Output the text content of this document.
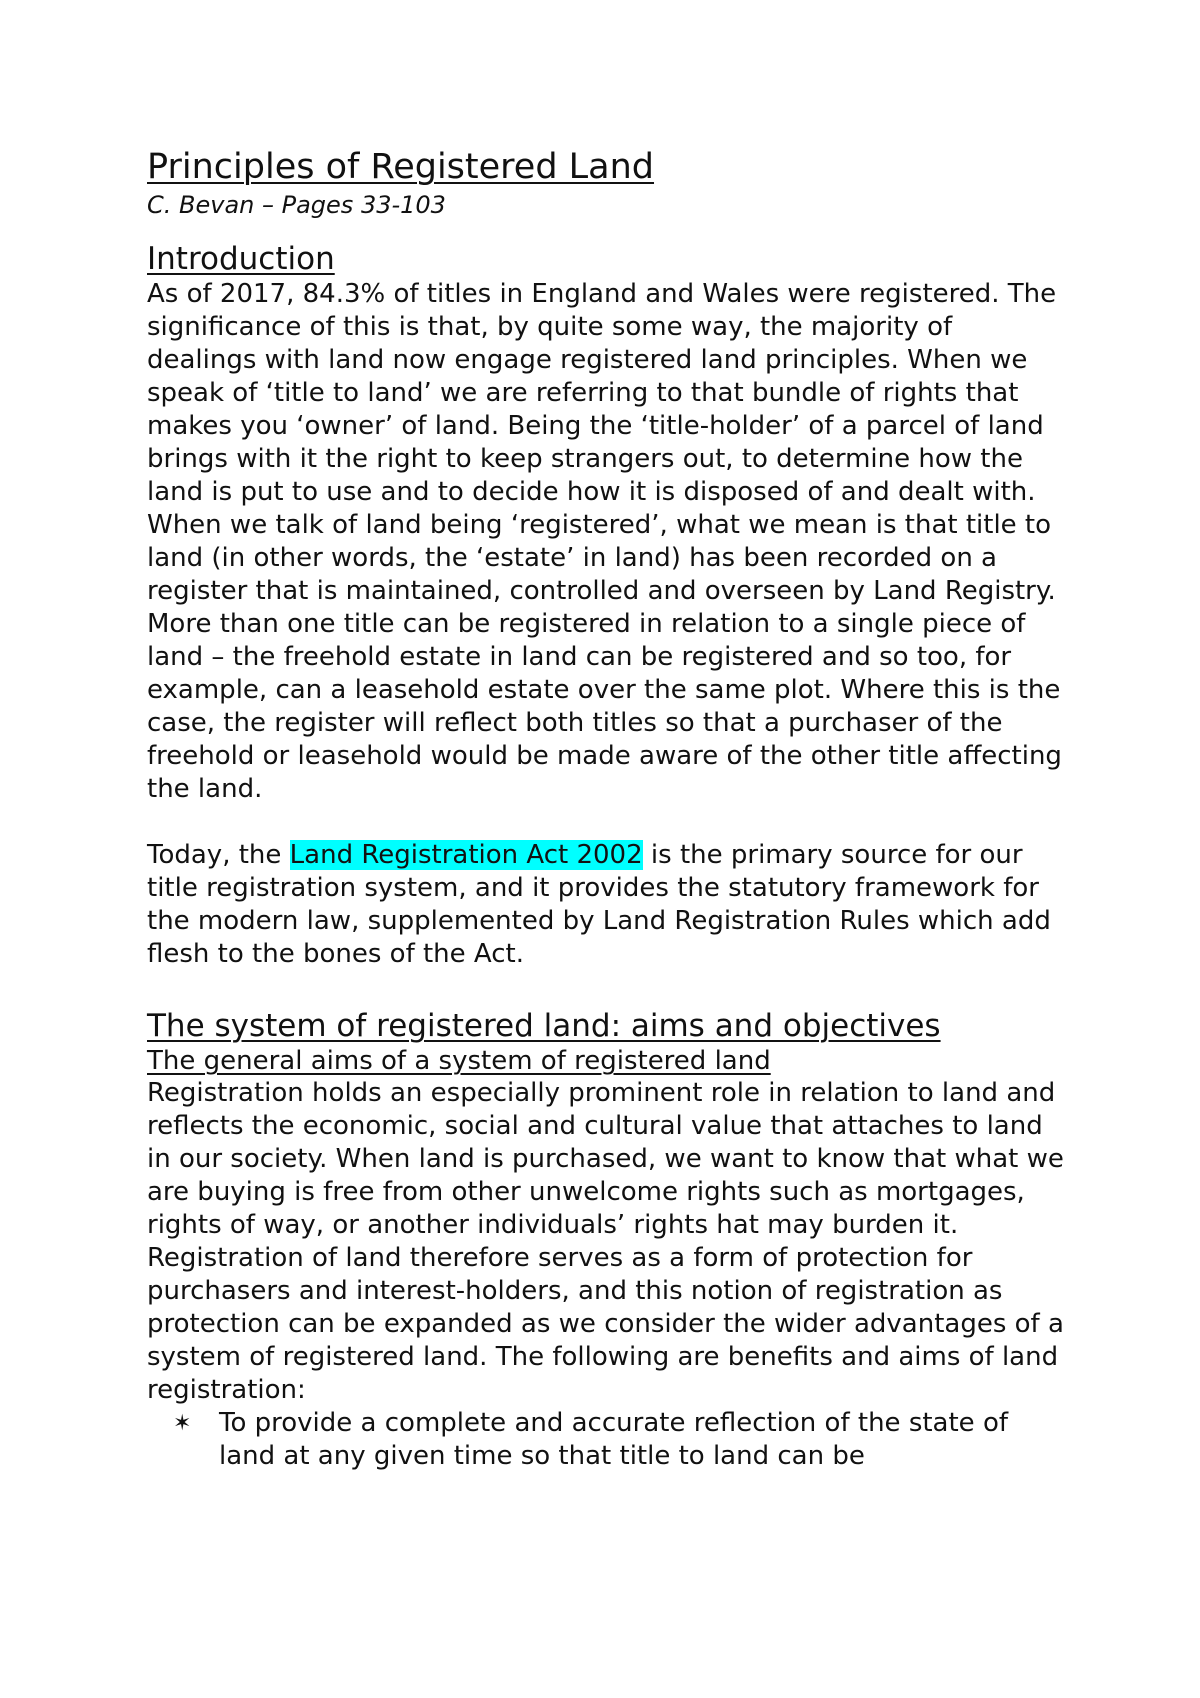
Principles of Registered Land
C. Bevan – Pages 33-103
Introduction

As of 2017, 84.3% of titles in England and Wales were registered. The significance of this is that, by quite some way, the majority of dealings with land now engage registered land principles. When we speak of ‘title to land’ we are referring to that bundle of rights that makes you ‘owner’ of land. Being the ‘title-holder’ of a parcel of land brings with it the right to keep strangers out, to determine how the land is put to use and to decide how it is disposed of and dealt with. When we talk of land being ‘registered’, what we mean is that title to land (in other words, the ‘estate’ in land) has been recorded on a register that is maintained, controlled and overseen by Land Registry. More than one title can be registered in relation to a single piece of land – the freehold estate in land can be registered and so too, for example, can a leasehold estate over the same plot. Where this is the case, the register will reflect both titles so that a purchaser of the freehold or leasehold would be made aware of the other title affecting the land.

Today, the Land Registration Act 2002 is the primary source for our title registration system, and it provides the statutory framework for the modern law, supplemented by Land Registration Rules which add flesh to the bones of the Act.

The system of registered land: aims and objectives
The general aims of a system of registered land

Registration holds an especially prominent role in relation to land and reflects the economic, social and cultural value that attaches to land in our society. When land is purchased, we want to know that what we are buying is free from other unwelcome rights such as mortgages, rights of way, or another individuals’ rights hat may burden it. Registration of land therefore serves as a form of protection for purchasers and interest-holders, and this notion of registration as protection can be expanded as we consider the wider advantages of a system of registered land. The following are benefits and aims of land registration:

✶ To provide a complete and accurate reflection of the state of land at any given time so that title to land can be
